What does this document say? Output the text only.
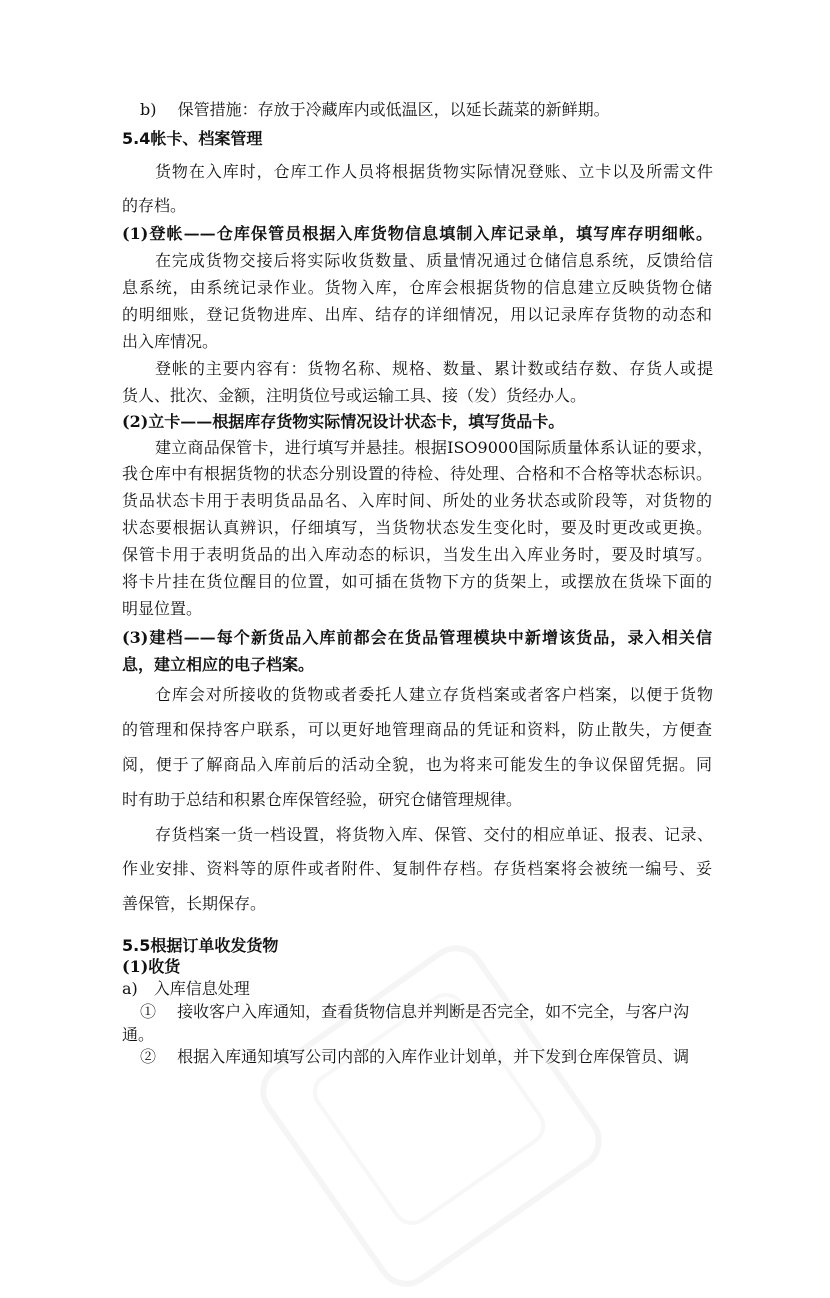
b)　 保管措施：存放于冷藏库内或低温区，以延长蔬菜的新鲜期。
5.4帐卡、档案管理
货物在入库时，仓库工作人员将根据货物实际情况登账、立卡以及所需文件
的存档。
(1)登帐——仓库保管员根据入库货物信息填制入库记录单，填写库存明细帐。
在完成货物交接后将实际收货数量、质量情况通过仓储信息系统，反馈给信
息系统，由系统记录作业。货物入库，仓库会根据货物的信息建立反映货物仓储
的明细账，登记货物进库、出库、结存的详细情况，用以记录库存货物的动态和
出入库情况。
登帐的主要内容有：货物名称、规格、数量、累计数或结存数、存货人或提
货人、批次、金额，注明货位号或运输工具、接（发）货经办人。
(2)立卡——根据库存货物实际情况设计状态卡，填写货品卡。
建立商品保管卡，进行填写并悬挂。根据ISO9000国际质量体系认证的要求，
我仓库中有根据货物的状态分别设置的待检、待处理、合格和不合格等状态标识。
货品状态卡用于表明货品品名、入库时间、所处的业务状态或阶段等，对货物的
状态要根据认真辨识，仔细填写，当货物状态发生变化时，要及时更改或更换。
保管卡用于表明货品的出入库动态的标识，当发生出入库业务时，要及时填写。
将卡片挂在货位醒目的位置，如可插在货物下方的货架上，或摆放在货垛下面的
明显位置。
(3)建档——每个新货品入库前都会在货品管理模块中新增该货品，录入相关信
息，建立相应的电子档案。
仓库会对所接收的货物或者委托人建立存货档案或者客户档案，以便于货物
的管理和保持客户联系，可以更好地管理商品的凭证和资料，防止散失，方便查
阅，便于了解商品入库前后的活动全貌，也为将来可能发生的争议保留凭据。同
时有助于总结和积累仓库保管经验，研究仓储管理规律。
存货档案一货一档设置，将货物入库、保管、交付的相应单证、报表、记录、
作业安排、资料等的原件或者附件、复制件存档。存货档案将会被统一编号、妥
善保管，长期保存。
5.5根据订单收发货物
(1)收货
a)　入库信息处理
①　 接收客户入库通知，查看货物信息并判断是否完全，如不完全，与客户沟
通。
②　 根据入库通知填写公司内部的入库作业计划单，并下发到仓库保管员、调
